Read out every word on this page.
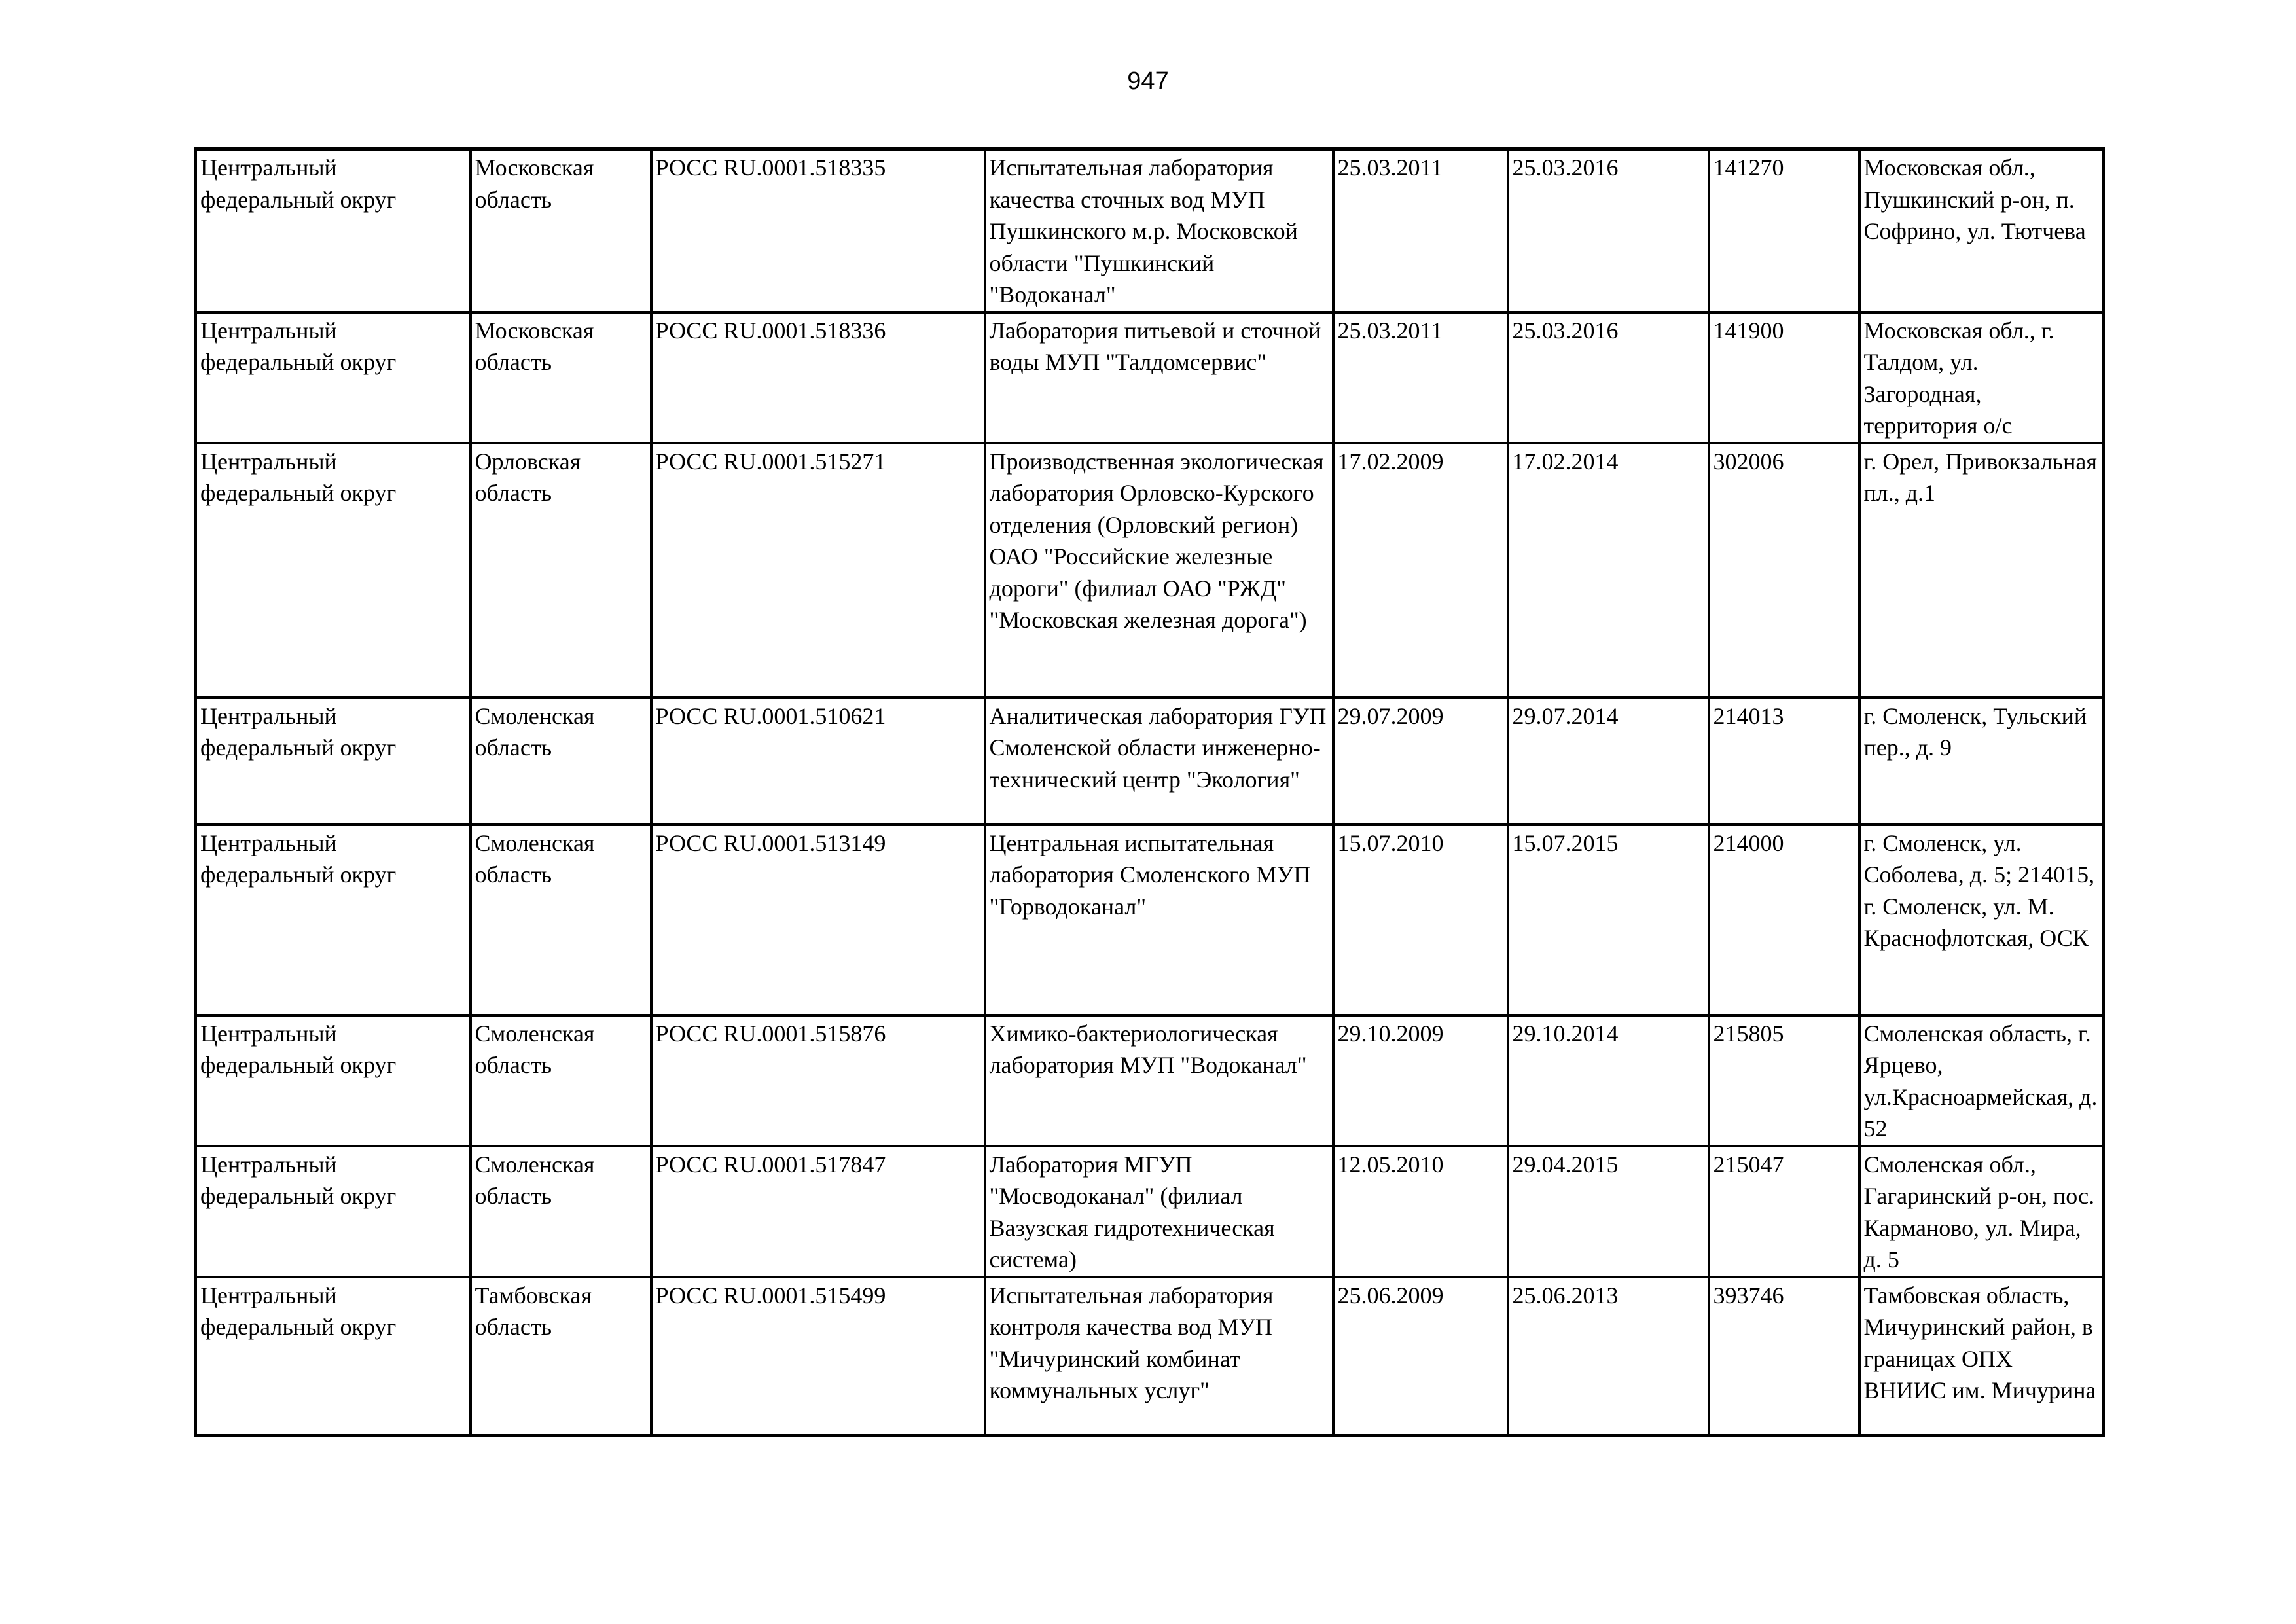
947
Центральный федеральный округ	Московская область	РОСС RU.0001.518335	Испытательная лаборатория качества сточных вод МУП Пушкинского м.р. Московской области "Пушкинский "Водоканал"	25.03.2011	25.03.2016	141270	Московская обл., Пушкинский р-он, п. Софрино, ул. Тютчева
Центральный федеральный округ	Московская область	РОСС RU.0001.518336	Лаборатория питьевой и сточной воды МУП "Талдомсервис"	25.03.2011	25.03.2016	141900	Московская обл., г. Талдом, ул. Загородная, территория о/с
Центральный федеральный округ	Орловская область	РОСС RU.0001.515271	Производственная экологическая лаборатория Орловско-Курского отделения (Орловский регион) ОАО "Российские железные дороги" (филиал ОАО "РЖД" "Московская железная дорога")	17.02.2009	17.02.2014	302006	г. Орел, Привокзальная пл., д.1
Центральный федеральный округ	Смоленская область	РОСС RU.0001.510621	Аналитическая лаборатория ГУП Смоленской области инженерно-технический центр "Экология"	29.07.2009	29.07.2014	214013	г. Смоленск, Тульский пер., д. 9
Центральный федеральный округ	Смоленская область	РОСС RU.0001.513149	Центральная испытательная лаборатория Смоленского МУП "Горводоканал"	15.07.2010	15.07.2015	214000	г. Смоленск, ул. Соболева, д. 5; 214015, г. Смоленск, ул. М. Краснофлотская, ОСК
Центральный федеральный округ	Смоленская область	РОСС RU.0001.515876	Химико-бактериологическая лаборатория МУП "Водоканал"	29.10.2009	29.10.2014	215805	Смоленская область, г. Ярцево, ул.Красноармейская, д. 52
Центральный федеральный округ	Смоленская область	РОСС RU.0001.517847	Лаборатория МГУП "Мосводоканал" (филиал Вазузская гидротехническая система)	12.05.2010	29.04.2015	215047	Смоленская обл., Гагаринский р-он, пос. Карманово, ул. Мира, д. 5
Центральный федеральный округ	Тамбовская область	РОСС RU.0001.515499	Испытательная лаборатория контроля качества вод МУП "Мичуринский комбинат коммунальных услуг"	25.06.2009	25.06.2013	393746	Тамбовская область, Мичуринский район, в границах ОПХ ВНИИС им. Мичурина
